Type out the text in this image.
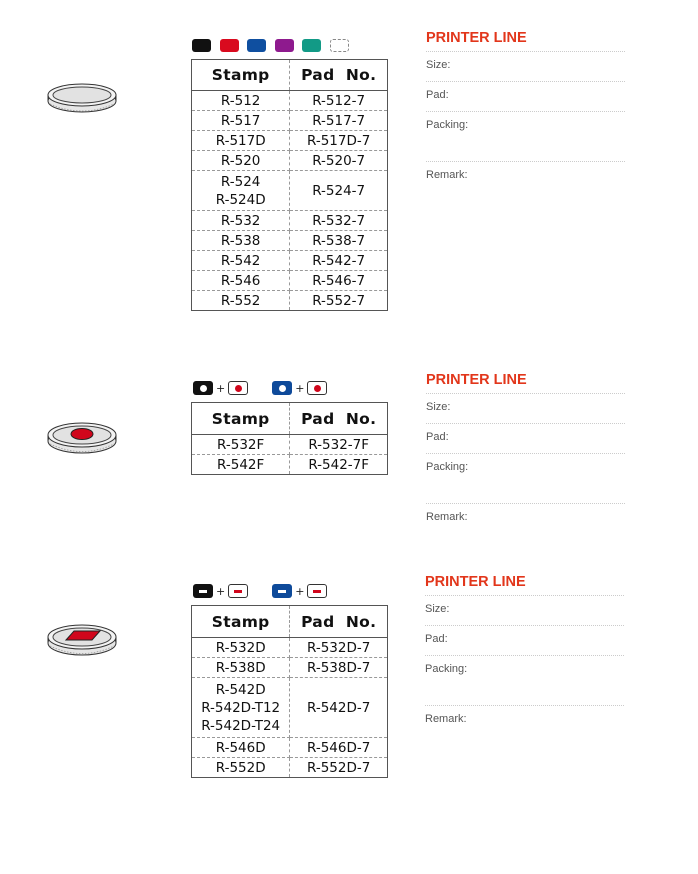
Stamp	Pad  No.
R-512	R-512-7
R-517	R-517-7
R-517D	R-517D-7
R-520	R-520-7

R-524
R-524D	R-524-7
R-532	R-532-7
R-538	R-538-7
R-542	R-542-7
R-546	R-546-7
R-552	R-552-7
PRINTER LINE
Size:
Pad:
Packing:
Remark:
+	+
Stamp	Pad  No.
R-532F	R-532-7F
R-542F	R-542-7F
PRINTER LINE
Size:
Pad:
Packing:
Remark:
+	+
Stamp	Pad  No.
R-532D	R-532D-7
R-538D	R-538D-7

R-542D
R-542D-T12
R-542D-T24	R-542D-7
R-546D	R-546D-7
R-552D	R-552D-7
PRINTER LINE
Size:
Pad:
Packing:
Remark:
